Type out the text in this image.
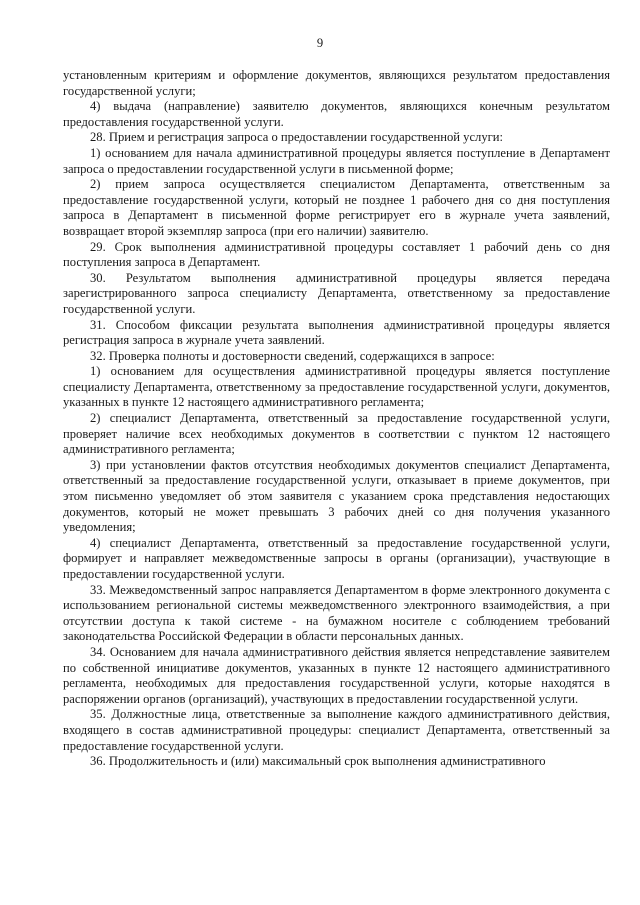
9

установленным критериям и оформление документов, являющихся результатом предоставления государственной услуги;

4) выдача (направление) заявителю документов, являющихся конечным результатом предоставления государственной услуги.

28. Прием и регистрация запроса о предоставлении государственной услуги:

1) основанием для начала административной процедуры является поступление в Департамент запроса о предоставлении государственной услуги в письменной форме;

2) прием запроса осуществляется специалистом Департамента, ответственным за предоставление государственной услуги, который не позднее 1 рабочего дня со дня поступления запроса в Департамент в письменной форме регистрирует его в журнале учета заявлений, возвращает второй экземпляр запроса (при его наличии) заявителю.

29. Срок выполнения административной процедуры составляет 1 рабочий день со дня поступления запроса в Департамент.

30. Результатом выполнения административной процедуры является передача зарегистрированного запроса специалисту Департамента, ответственному за предоставление государственной услуги.

31. Способом фиксации результата выполнения административной процедуры является регистрация запроса в журнале учета заявлений.

32. Проверка полноты и достоверности сведений, содержащихся в запросе:

1) основанием для осуществления административной процедуры является поступление специалисту Департамента, ответственному за предоставление государственной услуги, документов, указанных в пункте 12 настоящего административного регламента;

2) специалист Департамента, ответственный за предоставление государственной услуги, проверяет наличие всех необходимых документов в соответствии с пунктом 12 настоящего административного регламента;

3) при установлении фактов отсутствия необходимых документов специалист Департамента, ответственный за предоставление государственной услуги, отказывает в приеме документов, при этом письменно уведомляет об этом заявителя с указанием срока представления недостающих документов, который не может превышать 3 рабочих дней со дня получения указанного уведомления;

4) специалист Департамента, ответственный за предоставление государственной услуги, формирует и направляет межведомственные запросы в органы (организации), участвующие в предоставлении государственной услуги.

33. Межведомственный запрос направляется Департаментом в форме электронного документа с использованием региональной системы межведомственного электронного взаимодействия, а при отсутствии доступа к такой системе - на бумажном носителе с соблюдением требований законодательства Российской Федерации в области персональных данных.

34. Основанием для начала административного действия является непредставление заявителем по собственной инициативе документов, указанных в пункте 12 настоящего административного регламента, необходимых для предоставления государственной услуги, которые находятся в распоряжении органов (организаций), участвующих в предоставлении государственной услуги.

35. Должностные лица, ответственные за выполнение каждого административного действия, входящего в состав административной процедуры: специалист Департамента, ответственный за предоставление государственной услуги.

36. Продолжительность и (или) максимальный срок выполнения административного
